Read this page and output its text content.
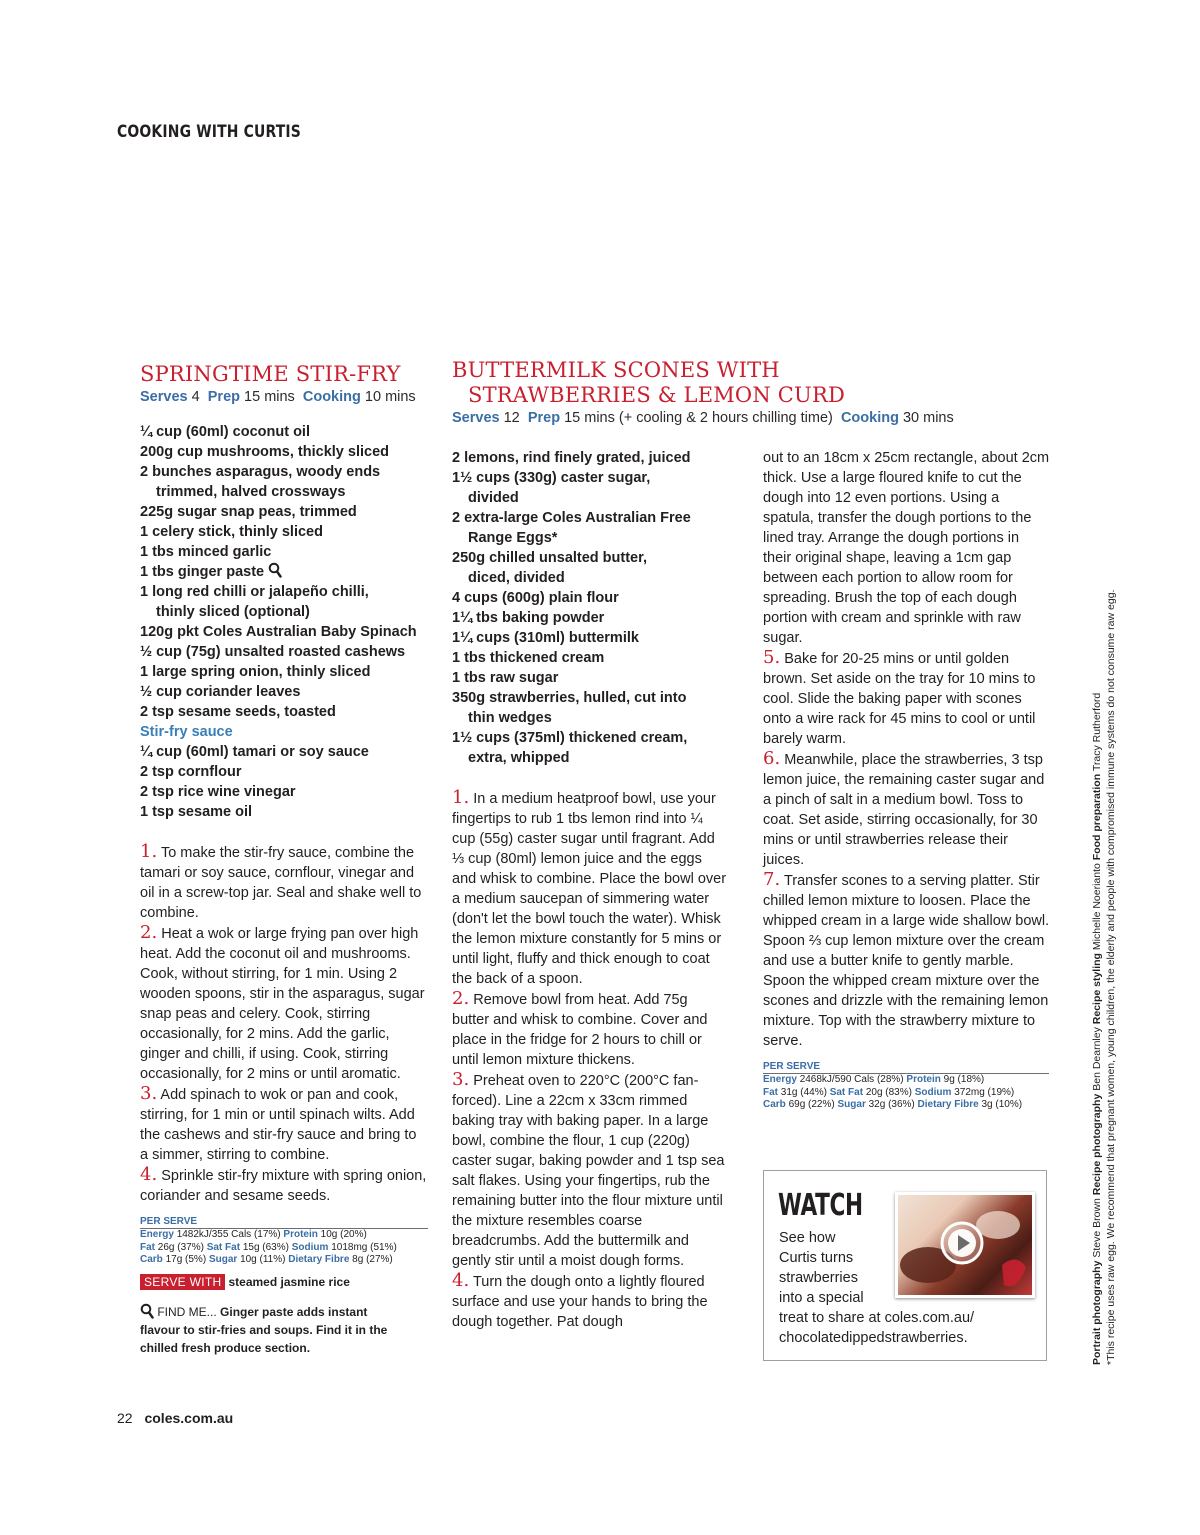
COOKING WITH CURTIS
SPRINGTIME STIR-FRY
Serves 4 Prep 15 mins Cooking 10 mins
¼ cup (60ml) coconut oil
200g cup mushrooms, thickly sliced
2 bunches asparagus, woody ends
trimmed, halved crossways
225g sugar snap peas, trimmed
1 celery stick, thinly sliced
1 tbs minced garlic
1 tbs ginger paste
1 long red chilli or jalapeño chilli,
thinly sliced (optional)
120g pkt Coles Australian Baby Spinach
½ cup (75g) unsalted roasted cashews
1 large spring onion, thinly sliced
½ cup coriander leaves
2 tsp sesame seeds, toasted
Stir-fry sauce
¼ cup (60ml) tamari or soy sauce
2 tsp cornflour
2 tsp rice wine vinegar
1 tsp sesame oil
1. To make the stir-fry sauce, combine the tamari or soy sauce, cornflour, vinegar and oil in a screw-top jar. Seal and shake well to combine.
2. Heat a wok or large frying pan over high heat. Add the coconut oil and mushrooms. Cook, without stirring, for 1 min. Using 2 wooden spoons, stir in the asparagus, sugar snap peas and celery. Cook, stirring occasionally, for 2 mins. Add the garlic, ginger and chilli, if using. Cook, stirring occasionally, for 2 mins or until aromatic.
3. Add spinach to wok or pan and cook, stirring, for 1 min or until spinach wilts. Add the cashews and stir-fry sauce and bring to a simmer, stirring to combine.
4. Sprinkle stir-fry mixture with spring onion, coriander and sesame seeds.
PER SERVE
Energy 1482kJ/355 Cals (17%) Protein 10g (20%)
Fat 26g (37%) Sat Fat 15g (63%) Sodium 1018mg (51%)
Carb 17g (5%) Sugar 10g (11%) Dietary Fibre 8g (27%)
SERVE WITH steamed jasmine rice
FIND ME... Ginger paste adds instant flavour to stir-fries and soups. Find it in the chilled fresh produce section.
BUTTERMILK SCONES WITH
STRAWBERRIES & LEMON CURD
Serves 12 Prep 15 mins (+ cooling & 2 hours chilling time) Cooking 30 mins
2 lemons, rind finely grated, juiced
1½ cups (330g) caster sugar,
divided
2 extra-large Coles Australian Free
Range Eggs*
250g chilled unsalted butter,
diced, divided
4 cups (600g) plain flour
1¼ tbs baking powder
1¼ cups (310ml) buttermilk
1 tbs thickened cream
1 tbs raw sugar
350g strawberries, hulled, cut into
thin wedges
1½ cups (375ml) thickened cream,
extra, whipped
1. In a medium heatproof bowl, use your fingertips to rub 1 tbs lemon rind into ¼ cup (55g) caster sugar until fragrant. Add ⅓ cup (80ml) lemon juice and the eggs and whisk to combine. Place the bowl over a medium saucepan of simmering water (don't let the bowl touch the water). Whisk the lemon mixture constantly for 5 mins or until light, fluffy and thick enough to coat the back of a spoon.
2. Remove bowl from heat. Add 75g butter and whisk to combine. Cover and place in the fridge for 2 hours to chill or until lemon mixture thickens.
3. Preheat oven to 220°C (200°C fan-forced). Line a 22cm x 33cm rimmed baking tray with baking paper. In a large bowl, combine the flour, 1 cup (220g) caster sugar, baking powder and 1 tsp sea salt flakes. Using your fingertips, rub the remaining butter into the flour mixture until the mixture resembles coarse breadcrumbs. Add the buttermilk and gently stir until a moist dough forms.
4. Turn the dough onto a lightly floured surface and use your hands to bring the dough together. Pat dough
out to an 18cm x 25cm rectangle, about 2cm thick. Use a large floured knife to cut the dough into 12 even portions. Using a spatula, transfer the dough portions to the lined tray. Arrange the dough portions in their original shape, leaving a 1cm gap between each portion to allow room for spreading. Brush the top of each dough portion with cream and sprinkle with raw sugar.
5. Bake for 20-25 mins or until golden brown. Set aside on the tray for 10 mins to cool. Slide the baking paper with scones onto a wire rack for 45 mins to cool or until barely warm.
6. Meanwhile, place the strawberries, 3 tsp lemon juice, the remaining caster sugar and a pinch of salt in a medium bowl. Toss to coat. Set aside, stirring occasionally, for 30 mins or until strawberries release their juices.
7. Transfer scones to a serving platter. Stir chilled lemon mixture to loosen. Place the whipped cream in a large wide shallow bowl. Spoon ⅔ cup lemon mixture over the cream and use a butter knife to gently marble. Spoon the whipped cream mixture over the scones and drizzle with the remaining lemon mixture. Top with the strawberry mixture to serve.
PER SERVE
Energy 2468kJ/590 Cals (28%) Protein 9g (18%)
Fat 31g (44%) Sat Fat 20g (83%) Sodium 372mg (19%)
Carb 69g (22%) Sugar 32g (36%) Dietary Fibre 3g (10%)
WATCH
See how
Curtis turns
strawberries
into a special
treat to share at coles.com.au/
chocolatedippedstrawberries.	Portrait photography Steve Brown Recipe photography Ben Dearnley Recipe styling Michelle Noerianto Food preparation Tracy Rutherford *This recipe uses raw egg. We recommend that pregnant women, young children, the elderly and people with compromised immune systems do not consume raw egg.
22 coles.com.au
